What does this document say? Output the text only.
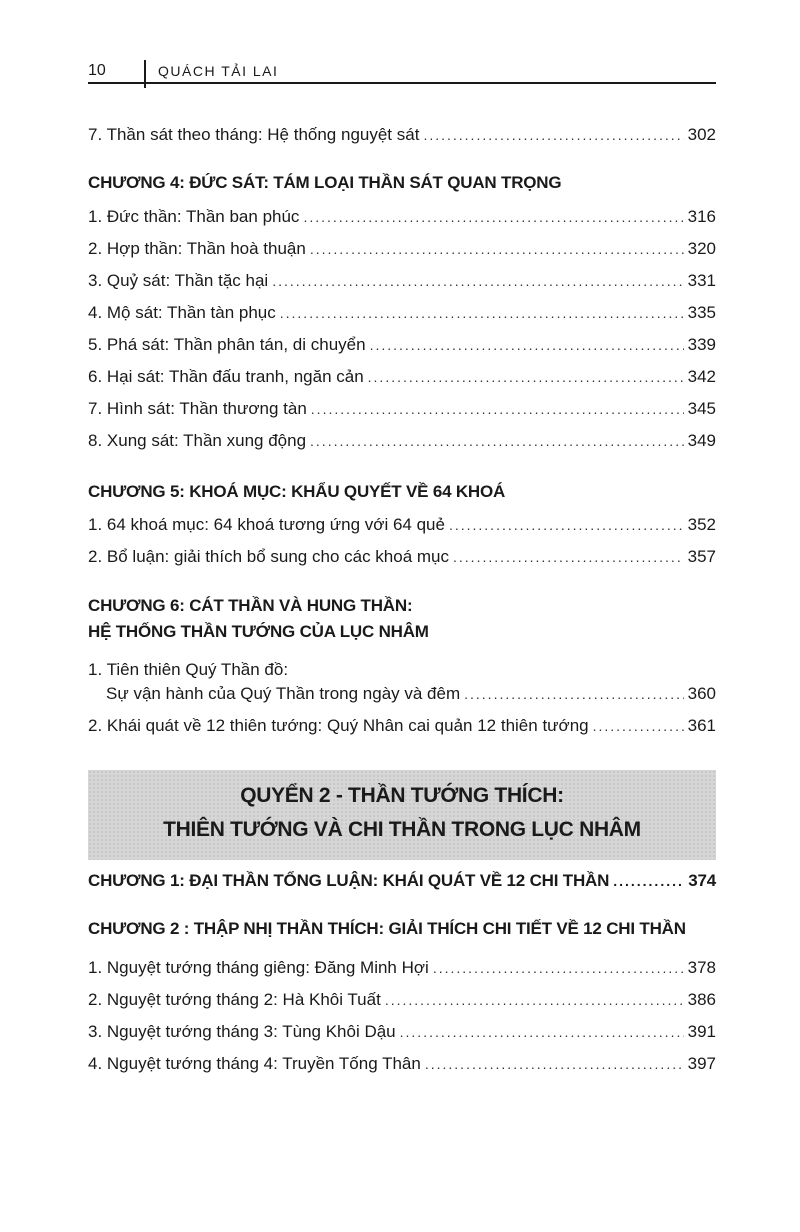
10	QUÁCH TẢI LAI
7. Thần sát theo tháng: Hệ thống nguyệt sát .....	302
CHƯƠNG 4: ĐỨC SÁT: TÁM LOẠI THẦN SÁT QUAN TRỌNG
1. Đức thần: Thần ban phúc .....	316
2. Hợp thần: Thần hoà thuận .....	320
3. Quỷ sát: Thần tặc hại .....	331
4. Mộ sát: Thần tàn phục .....	335
5. Phá sát: Thần phân tán, di chuyển .....	339
6. Hại sát: Thần đấu tranh, ngăn cản .....	342
7. Hình sát: Thần thương tàn .....	345
8. Xung sát: Thần xung động .....	349
CHƯƠNG 5: KHOÁ MỤC: KHẨU QUYẾT VỀ 64 KHOÁ
1. 64 khoá mục: 64 khoá tương ứng với 64 quẻ .....	352
2. Bổ luận: giải thích bổ sung cho các khoá mục .....	357
CHƯƠNG 6: CÁT THẦN VÀ HUNG THẦN:
HỆ THỐNG THẦN TƯỚNG CỦA LỤC NHÂM
1. Tiên thiên Quý Thần đồ:
Sự vận hành của Quý Thần trong ngày và đêm .....	360
2. Khái quát về 12 thiên tướng: Quý Nhân cai quản 12 thiên tướng .....	361
QUYỂN 2 - THẦN TƯỚNG THÍCH:
THIÊN TƯỚNG VÀ CHI THẦN TRONG LỤC NHÂM
CHƯƠNG 1: ĐẠI THẦN TỔNG LUẬN: KHÁI QUÁT VỀ 12 CHI THẦN .....	374
CHƯƠNG 2 : THẬP NHỊ THẦN THÍCH: GIẢI THÍCH CHI TIẾT VỀ 12 CHI THẦN
1. Nguyệt tướng tháng giêng: Đăng Minh Hợi .....	378
2. Nguyệt tướng tháng 2: Hà Khôi Tuất .....	386
3. Nguyệt tướng tháng 3: Tùng Khôi Dậu .....	391
4. Nguyệt tướng tháng 4: Truyền Tống Thân .....	397
